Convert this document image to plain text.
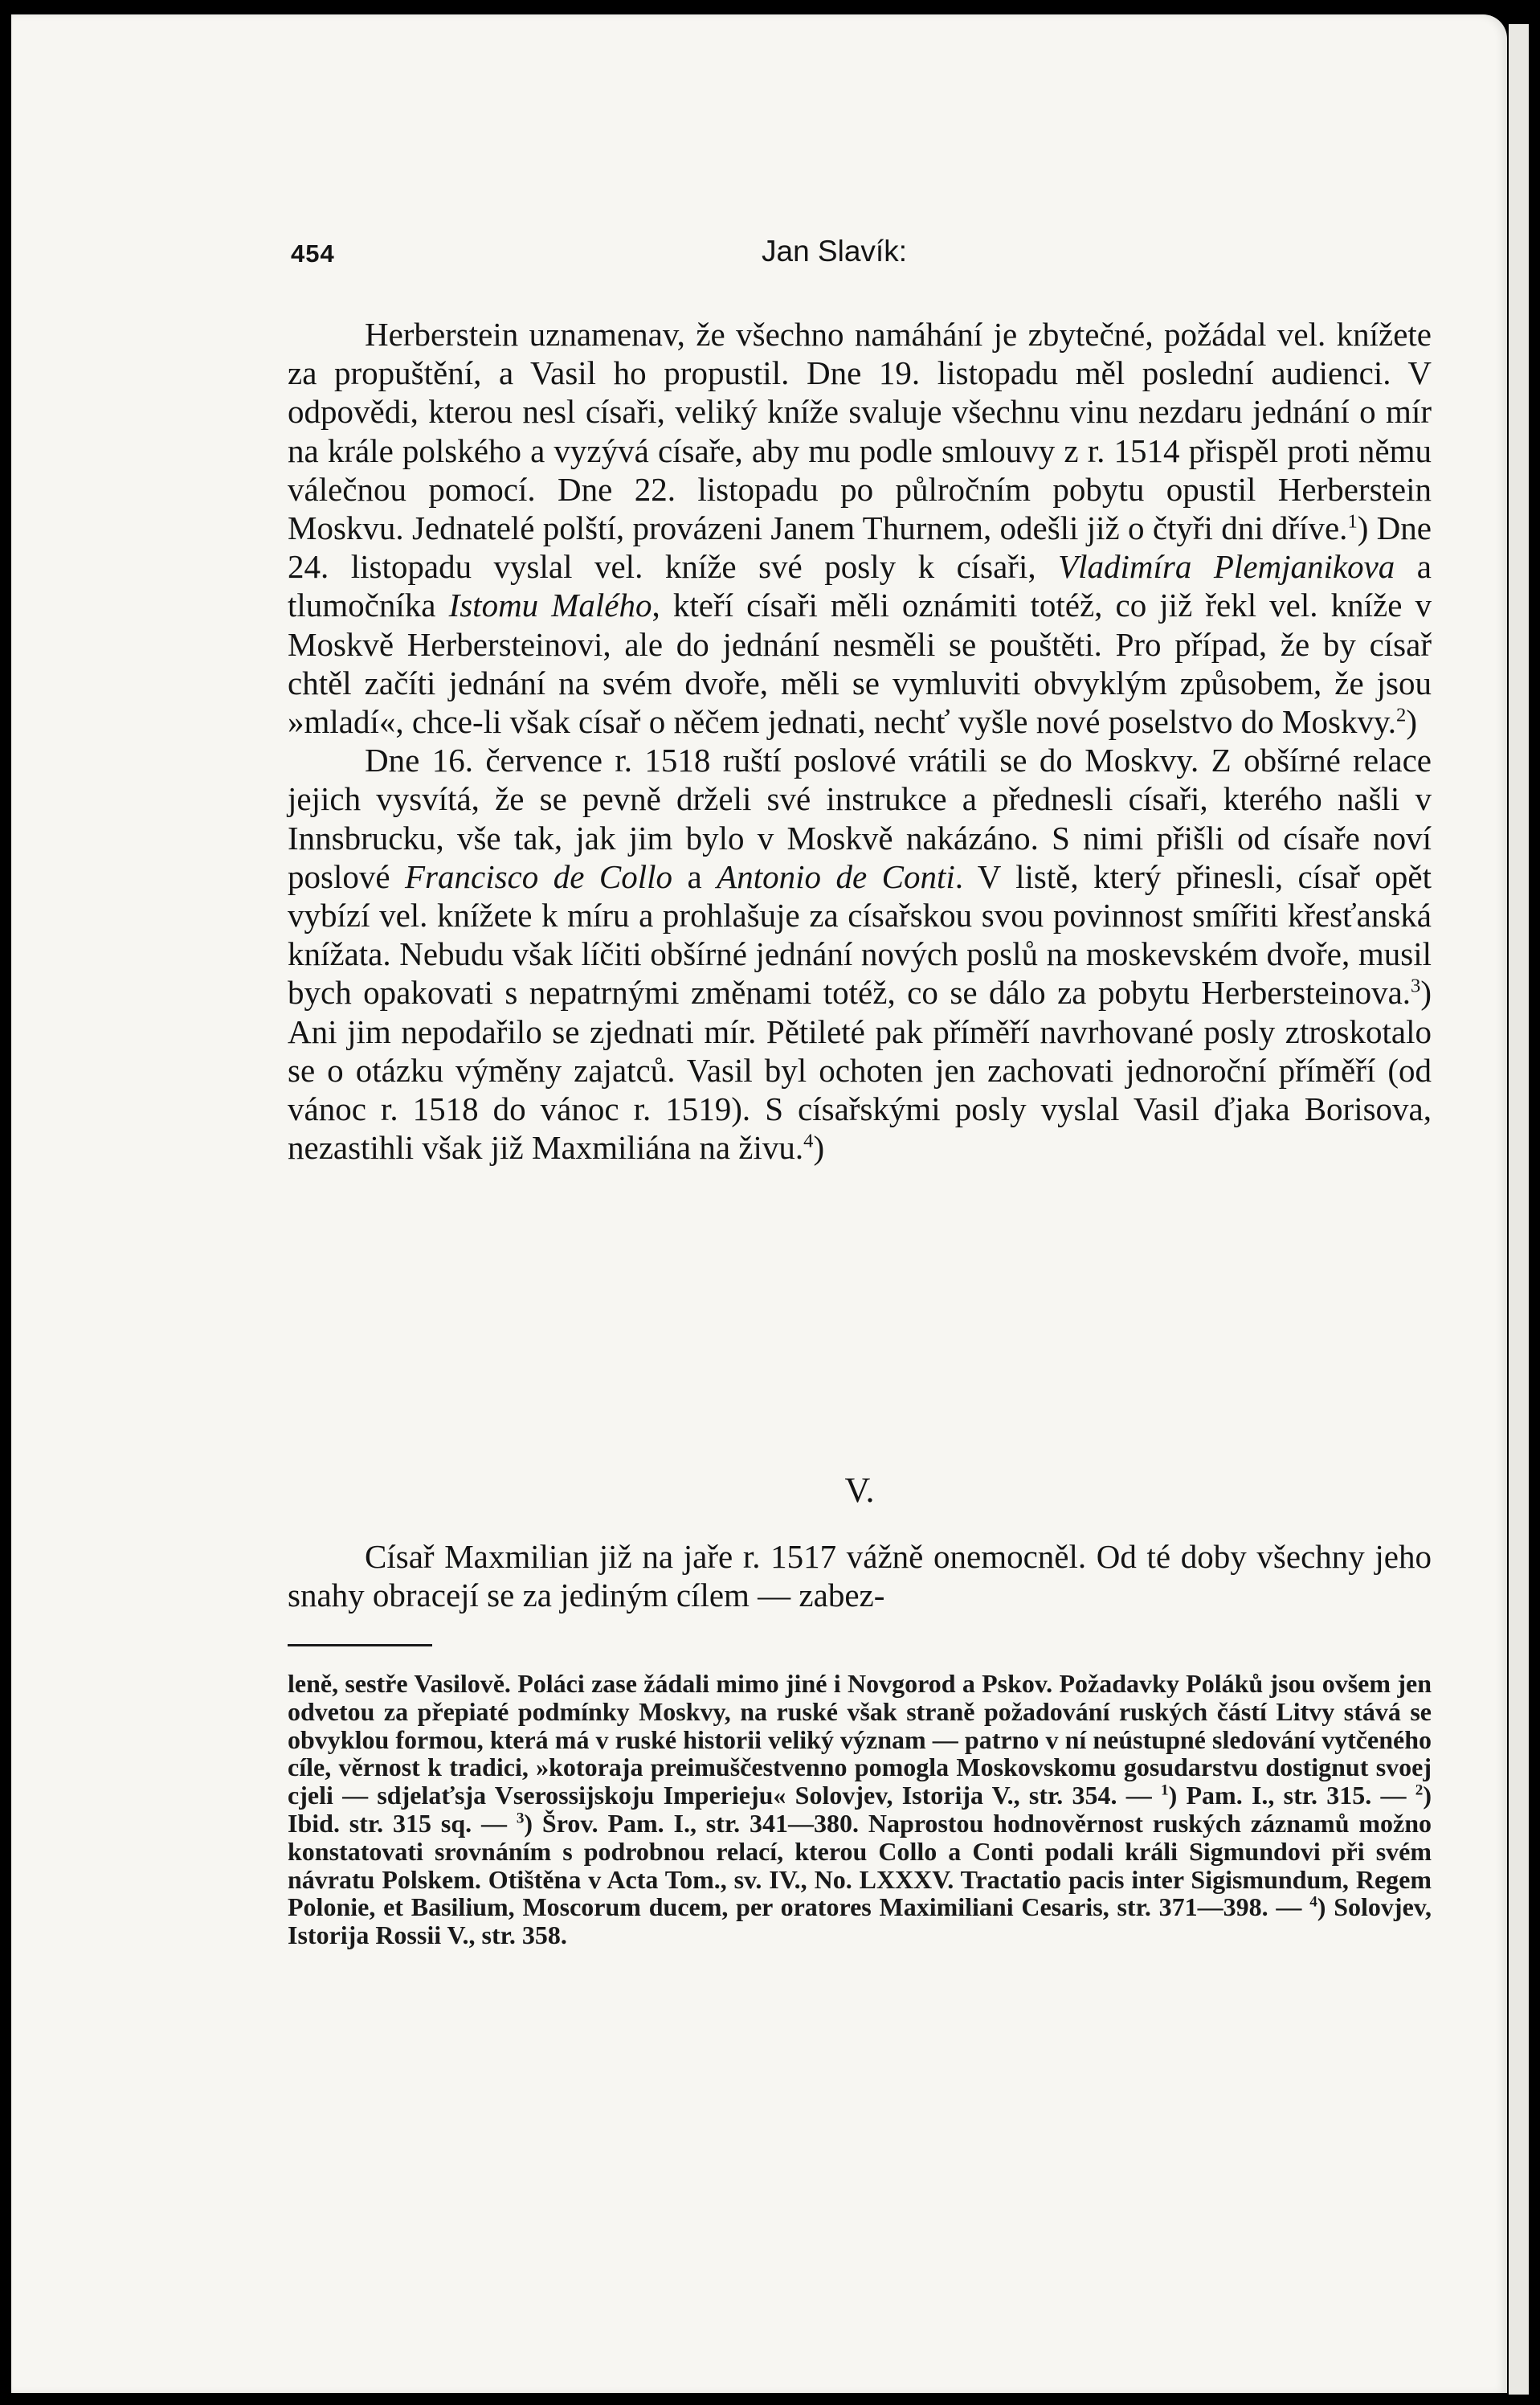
454	Jan Slavík:

Herberstein uznamenav, že všechno namáhání je zbytečné, požádal vel. knížete za propuštění, a Vasil ho propustil. Dne 19. listopadu měl poslední audienci. V odpovědi, kterou nesl císaři, veliký kníže svaluje všechnu vinu nezdaru jednání o mír na krále polského a vyzývá císaře, aby mu podle smlouvy z r. 1514 přispěl proti němu válečnou pomocí. Dne 22. listopadu po půlročním pobytu opustil Herberstein Moskvu. Jednatelé polští, provázeni Janem Thurnem, odešli již o čtyři dni dříve.$^1$) Dne 24. listopadu vyslal vel. kníže své posly k císaři, Vladimíra Plemjanikova a tlumočníka Istomu Malého, kteří císaři měli oznámiti totéž, co již řekl vel. kníže v Moskvě Herbersteinovi, ale do jednání nesměli se pouštěti. Pro případ, že by císař chtěl začíti jednání na svém dvoře, měli se vymluviti obvyklým způsobem, že jsou »mladí«, chce-li však císař o něčem jednati, nechť vyšle nové poselstvo do Moskvy.$^2$)

Dne 16. července r. 1518 ruští poslové vrátili se do Moskvy. Z obšírné relace jejich vysvítá, že se pevně drželi své instrukce a přednesli císaři, kterého našli v Innsbrucku, vše tak, jak jim bylo v Moskvě nakázáno. S nimi přišli od císaře noví poslové Francisco de Collo a Antonio de Conti. V listě, který přinesli, císař opět vybízí vel. knížete k míru a prohlašuje za císařskou svou povinnost smířiti křesťanská knížata. Nebudu však líčiti obšírné jednání nových poslů na moskevském dvoře, musil bych opakovati s nepatrnými změnami totéž, co se dálo za pobytu Herbersteinova.$^3$) Ani jim nepodařilo se zjednati mír. Pětileté pak příměří navrhované posly ztroskotalo se o otázku výměny zajatců. Vasil byl ochoten jen zachovati jednoroční příměří (od vánoc r. 1518 do vánoc r. 1519). S císařskými posly vyslal Vasil ďjaka Borisova, nezastihli však již Maxmiliána na živu.$^4$)

V.

Císař Maxmilian již na jaře r. 1517 vážně onemocněl. Od té doby všechny jeho snahy obracejí se za jediným cílem — zabez-

leně, sestře Vasilově. Poláci zase žádali mimo jiné i Novgorod a Pskov. Požadavky Poláků jsou ovšem jen odvetou za přepiaté podmínky Moskvy, na ruské však straně požadování ruských částí Litvy stává se obvyklou formou, která má v ruské historii veliký význam — patrno v ní neústupné sledování vytčeného cíle, věrnost k tradici, »kotoraja preimuščestvenno pomogla Moskovskomu gosudarstvu dostignut svoej cjeli — sdjelaťsja Vserossijskoju Imperieju« Solovjev, Istorija V., str. 354. — $^1$) Pam. I., str. 315. — $^2$) Ibid. str. 315 sq. — $^3$) Šrov. Pam. I., str. 341—380. Naprostou hodnověrnost ruských záznamů možno konstatovati srovnáním s podrobnou relací, kterou Collo a Conti podali králi Sigmundovi při svém návratu Polskem. Otištěna v Acta Tom., sv. IV., No. LXXXV. Tractatio pacis inter Sigismundum, Regem Polonie, et Basilium, Moscorum ducem, per oratores Maximiliani Cesaris, str. 371—398. — $^4$) Solovjev, Istorija Rossii V., str. 358.
